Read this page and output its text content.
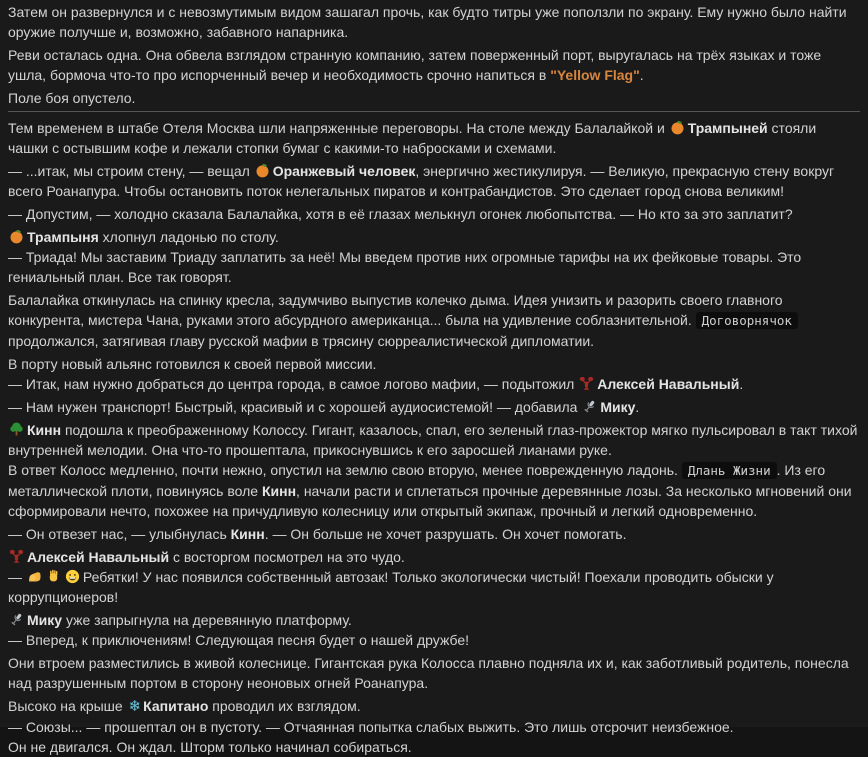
Затем он развернулся и с невозмутимым видом зашагал прочь, как будто титры уже поползли по экрану. Ему нужно было найти оружие получше и, возможно, забавного напарника.

Реви осталась одна. Она обвела взглядом странную компанию, затем поверженный порт, выругалась на трёх языках и тоже ушла, бормоча что-то про испорченный вечер и необходимость срочно напиться в "Yellow Flag".

Поле боя опустело.

Тем временем в штабе Отеля Москва шли напряженные переговоры. На столе между Балалайкой и
Трампыней стояли чашки с остывшим кофе и лежали стопки бумаг с какими-то набросками и схемами.

— ...итак, мы строим стену, — вещал
Оранжевый человек, энергично жестикулируя. — Великую, прекрасную стену вокруг всего Роанапура. Чтобы остановить поток нелегальных пиратов и контрабандистов. Это сделает город снова великим!

— Допустим, — холодно сказала Балалайка, хотя в её глазах мелькнул огонек любопытства. — Но кто за это заплатит?

Трампыня хлопнул ладонью по столу.
— Триада! Мы заставим Триаду заплатить за неё! Мы введем против них огромные тарифы на их фейковые товары. Это гениальный план. Все так говорят.

Балалайка откинулась на спинку кресла, задумчиво выпустив колечко дыма. Идея унизить и разорить своего главного конкурента, мистера Чана, руками этого абсурдного американца... была на удивление соблазнительной. Договорнячок продолжался, затягивая главу русской мафии в трясину сюрреалистической дипломатии.

В порту новый альянс готовился к своей первой миссии.
— Итак, нам нужно добраться до центра города, в самое логово мафии, — подытожил
Алексей Навальный.

— Нам нужен транспорт! Быстрый, красивый и с хорошей аудиосистемой! — добавила
Мику.

Кинн подошла к преображенному Колоссу. Гигант, казалось, спал, его зеленый глаз-прожектор мягко пульсировал в такт тихой внутренней мелодии. Она что-то прошептала, прикоснувшись к его заросшей лианами руке.
В ответ Колосс медленно, почти нежно, опустил на землю свою вторую, менее поврежденную ладонь. Длань Жизни . Из его металлической плоти, повинуясь воле Кинн, начали расти и сплетаться прочные деревянные лозы. За несколько мгновений они сформировали нечто, похожее на причудливую колесницу или открытый экипаж, прочный и легкий одновременно.

— Он отвезет нас, — улыбнулась Кинн. — Он больше не хочет разрушать. Он хочет помогать.

Алексей Навальный с восторгом посмотрел на это чудо.
—	Ребятки! У нас появился собственный автозак! Только экологически чистый! Поехали проводить обыски у коррупционеров!

Мику уже запрыгнула на деревянную платформу.
— Вперед, к приключениям! Следующая песня будет о нашей дружбе!

Они втроем разместились в живой колеснице. Гигантская рука Колосса плавно подняла их и, как заботливый родитель, понесла над разрушенным портом в сторону неоновых огней Роанапура.

Высоко на крыше ❄ Капитано проводил их взглядом.
— Союзы... — прошептал он в пустоту. — Отчаянная попытка слабых выжить. Это лишь отсрочит неизбежное.
Он не двигался. Он ждал. Шторм только начинал собираться.
